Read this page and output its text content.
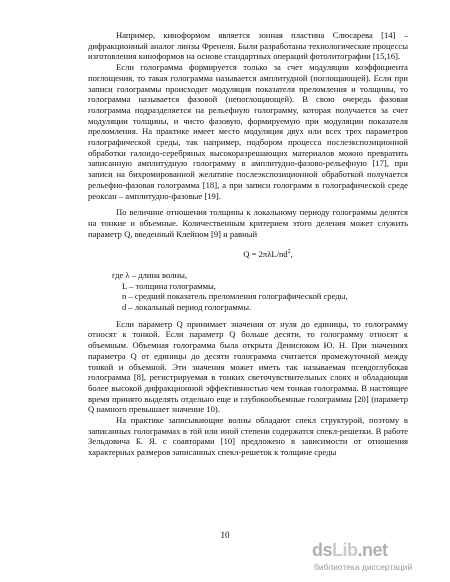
Например, киноформом является зонная пластина Слюсарева [14] – дифракционный аналог линзы Френеля. Были разработаны технологические процессы изготовления киноформов на основе стандартных операций фотолитографии [15,16].

Если голограмма формируется только за счет модуляции коэффициента поглощения, то такая голограмма называется амплитудной (поглощающей). Если при записи голограммы происходит модуляция показателя преломления и толщины, то голограмма называется фазовой (непоглощающей). В свою очередь фазовая голограмма подразделяется на рельефную голограмму, которая получается за счет модуляции толщины, и чисто фазовую, формируемую при модуляции показателя преломления. На практике имеет место модуляция двух или всех трех параметров голографической среды, так например, подбором процесса послеэкспозиционной обработки галоидо-серебряных высокоразрешающих материалов можно превратить записанную амплитудную голограмму в амплитудно-фазово-рельефную [17], при записи на бихромированной желатине послеэкспозиционной обработкой получается рельефно-фазовая голограмма [18], а при записи голограмм в голографической среде реоксан – амплитудно-фазовые [19].

По величине отношения толщины к локальному периоду голограммы делятся на тонкие и объемные. Количественным критерием этого деления может служить параметр Q, введенный Клейном [9] и равный

$Q = 2\pi\lambda L/nd^2$,

где λ – длина волны,
L – толщина голограммы,
n – средний показатель преломления голографической среды,
d – локальный период голограммы.

Если параметр Q принимает значения от нуля до единицы, то голограмму относят к тонкой. Если параметр Q больше десяти, то голограмму относят к объемным. Объемная голограмма была открыта Денисюком Ю. Н. При значениях параметра Q от единицы до десяти голограмма считается промежуточной между тонкой и объемной. Эти значения может иметь так называемая псевдоглубокая голограмма [8], регистрируемая в тонких светочувствительных слоях и обладающая более высокой дифракционной эффективностью чем тонкая голограмма. В настоящее время принято выделять отдельно еще и глубокообъемные голограммы [20] (параметр Q намного превышает значение 10).

На практике записывающие волны обладают спекл структурой, поэтому в записанных голограммах в той или иной степени содержатся спекл-решетки. В работе Зельдовича Б. Я. с соавторами [10] предложено в зависимости от отношения характерных размеров записанных спекл-решеток к толщине среды

10
dsLib.net
библиотека диссертаций
